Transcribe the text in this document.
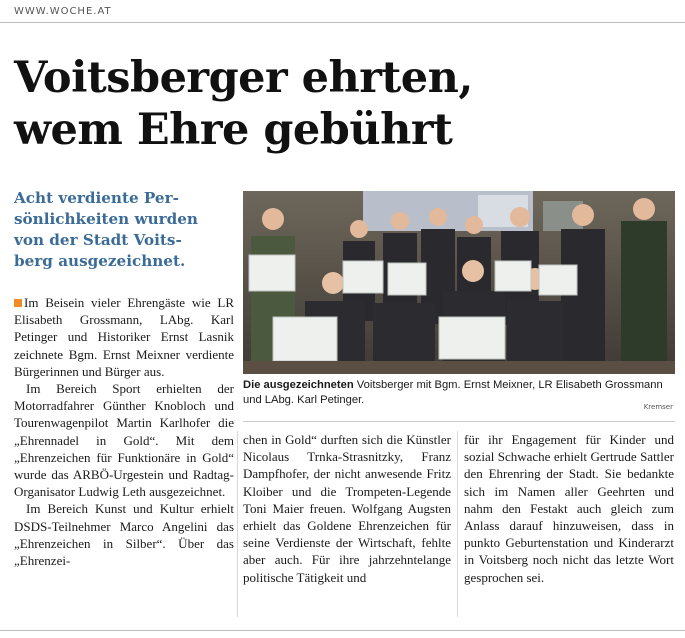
WWW.WOCHE.AT
Voitsberger ehrten,
wem Ehre gebührt
Acht verdiente Per-
sönlichkeiten wurden
von der Stadt Voits-
berg ausgezeichnet.
Die ausgezeichneten Voitsberger mit Bgm. Ernst Meixner, LR Elisabeth Grossmann und LAbg. Karl Petinger.
Kremser

Im Beisein vieler Ehrengäste wie LR Elisabeth Grossmann, LAbg. Karl Petinger und Historiker Ernst Lasnik zeichnete Bgm. Ernst Meixner verdiente Bürgerinnen und Bürger aus.

Im Bereich Sport erhielten der Motorradfahrer Günther Knobloch und Tourenwagenpilot Martin Karlhofer die „Ehrennadel in Gold“. Mit dem „Ehrenzeichen für Funktionäre in Gold“ wurde das ARBÖ-Urgestein und Radtag-Organisator Ludwig Leth ausgezeichnet.

Im Bereich Kunst und Kultur erhielt DSDS-Teilnehmer Marco Angelini das „Ehrenzeichen in Silber“. Über das „Ehrenzei-

chen in Gold“ durften sich die Künstler Nicolaus Trnka-Strasnitzky, Franz Dampfhofer, der nicht anwesende Fritz Kloiber und die Trompeten-Legende Toni Maier freuen. Wolfgang Augsten erhielt das Goldene Ehrenzeichen für seine Verdienste der Wirtschaft, fehlte aber auch. Für ihre jahrzehntelange politische Tätigkeit und

für ihr Engagement für Kinder und sozial Schwache erhielt Gertrude Sattler den Ehrenring der Stadt. Sie bedankte sich im Namen aller Geehrten und nahm den Festakt auch gleich zum Anlass darauf hinzuweisen, dass in punkto Geburtenstation und Kinderarzt in Voitsberg noch nicht das letzte Wort gesprochen sei.
